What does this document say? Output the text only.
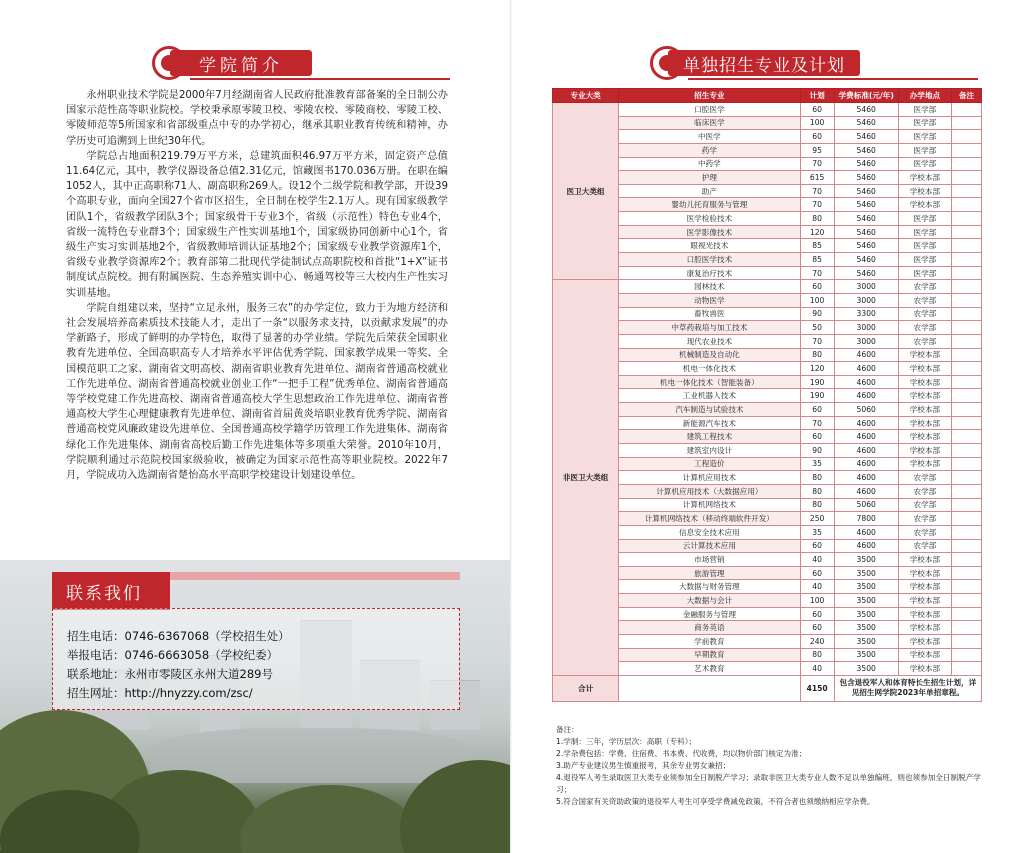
学院简介

永州职业技术学院是2000年7月经湖南省人民政府批准教育部备案的全日制公办国家示范性高等职业院校。学校秉承原零陵卫校、零陵农校、零陵商校、零陵工校、零陵师范等5所国家和省部级重点中专的办学初心，继承其职业教育传统和精神，办学历史可追溯到上世纪30年代。

学院总占地面积219.79万平方米，总建筑面积46.97万平方米，固定资产总值11.64亿元，其中，教学仪器设备总值2.31亿元，馆藏图书170.036万册。在职在编1052人，其中正高职称71人、副高职称269人。设12个二级学院和教学部，开设39个高职专业，面向全国27个省市区招生，全日制在校学生2.1万人。现有国家级教学团队1个，省级教学团队3个；国家级骨干专业3个，省级（示范性）特色专业4个，省级一流特色专业群3个；国家级生产性实训基地1个，国家级协同创新中心1个，省级生产实习实训基地2个，省级教师培训认证基地2个；国家级专业教学资源库1个，省级专业教学资源库2个；教育部第二批现代学徒制试点高职院校和首批“1+X”证书制度试点院校。拥有附属医院、生态养殖实训中心、畅通驾校等三大校内生产性实习实训基地。

学院自组建以来，坚持“立足永州，服务三农”的办学定位，致力于为地方经济和社会发展培养高素质技术技能人才，走出了一条“以服务求支持，以贡献求发展”的办学新路子，形成了鲜明的办学特色，取得了显著的办学业绩。学院先后荣获全国职业教育先进单位、全国高职高专人才培养水平评估优秀学院、国家教学成果一等奖、全国模范职工之家、湖南省文明高校、湖南省职业教育先进单位、湖南省普通高校就业工作先进单位、湖南省普通高校就业创业工作“一把手工程”优秀单位、湖南省普通高等学校党建工作先进高校、湖南省普通高校大学生思想政治工作先进单位、湖南省普通高校大学生心理健康教育先进单位、湖南省首届黄炎培职业教育优秀学院、湖南省普通高校党风廉政建设先进单位、全国普通高校学籍学历管理工作先进集体、湖南省绿化工作先进集体、湖南省高校后勤工作先进集体等多项重大荣誉。2010年10月，学院顺利通过示范院校国家级验收，被确定为国家示范性高等职业院校。2022年7月，学院成功入选湖南省楚怡高水平高职学校建设计划建设单位。

联系我们
招生电话：0746-6367068（学校招生处）
举报电话：0746-6663058（学校纪委）
联系地址：永州市零陵区永州大道289号
招生网址：http://hnyzzy.com/zsc/
单独招生专业及计划
专业大类	招生专业	计划	学费标准(元/年)	办学地点	备注
医卫大类组	口腔医学	60	5460	医学部	
	临床医学	100	5460	医学部	
	中医学	60	5460	医学部	
	药学	95	5460	医学部	
	中药学	70	5460	医学部	
	护理	615	5460	学校本部	
	助产	70	5460	学校本部	
	婴幼儿托育服务与管理	70	5460	学校本部	
	医学检验技术	80	5460	医学部	
	医学影像技术	120	5460	医学部	
	眼视光技术	85	5460	医学部	
	口腔医学技术	85	5460	医学部	
	康复治疗技术	70	5460	医学部	
非医卫大类组	园林技术	60	3000	农学部	
	动物医学	100	3000	农学部	
	畜牧兽医	90	3300	农学部	
	中草药栽培与加工技术	50	3000	农学部	
	现代农业技术	70	3000	农学部	
	机械制造及自动化	80	4600	学校本部	
	机电一体化技术	120	4600	学校本部	
	机电一体化技术（智能装备）	190	4600	学校本部	
	工业机器人技术	190	4600	学校本部	
	汽车制造与试验技术	60	5060	学校本部	
	新能源汽车技术	70	4600	学校本部	
	建筑工程技术	60	4600	学校本部	
	建筑室内设计	90	4600	学校本部	
	工程造价	35	4600	学校本部	
	计算机应用技术	80	4600	农学部	
	计算机应用技术（大数据应用）	80	4600	农学部	
	计算机网络技术	80	5060	农学部	
	计算机网络技术（移动终端软件开发）	250	7800	农学部	
	信息安全技术应用	35	4600	农学部	
	云计算技术应用	60	4600	农学部	
	市场营销	40	3500	学校本部	
	旅游管理	60	3500	学校本部	
	大数据与财务管理	40	3500	学校本部	
	大数据与会计	100	3500	学校本部	
	金融服务与管理	60	3500	学校本部	
	商务英语	60	3500	学校本部	
	学前教育	240	3500	学校本部	
	早期教育	80	3500	学校本部	
	艺术教育	40	3500	学校本部	
合计		4150	包含退役军人和体育特长生招生计划，详见招生网学院2023年单招章程。		
备注：
1.学制：三年，学历层次：高职（专科）；
2.学杂费包括：学费、住宿费、书本费、代收费，均以物价部门核定为准；
3.助产专业建议男生慎重报考，其余专业男女兼招；
4.退役军人考生录取医卫大类专业须参加全日制脱产学习；录取非医卫大类专业人数不足以单独编班，则也须参加全日制脱产学习；
5.符合国家有关资助政策的退役军人考生可享受学费减免政策，不符合者也须缴纳相应学杂费。
